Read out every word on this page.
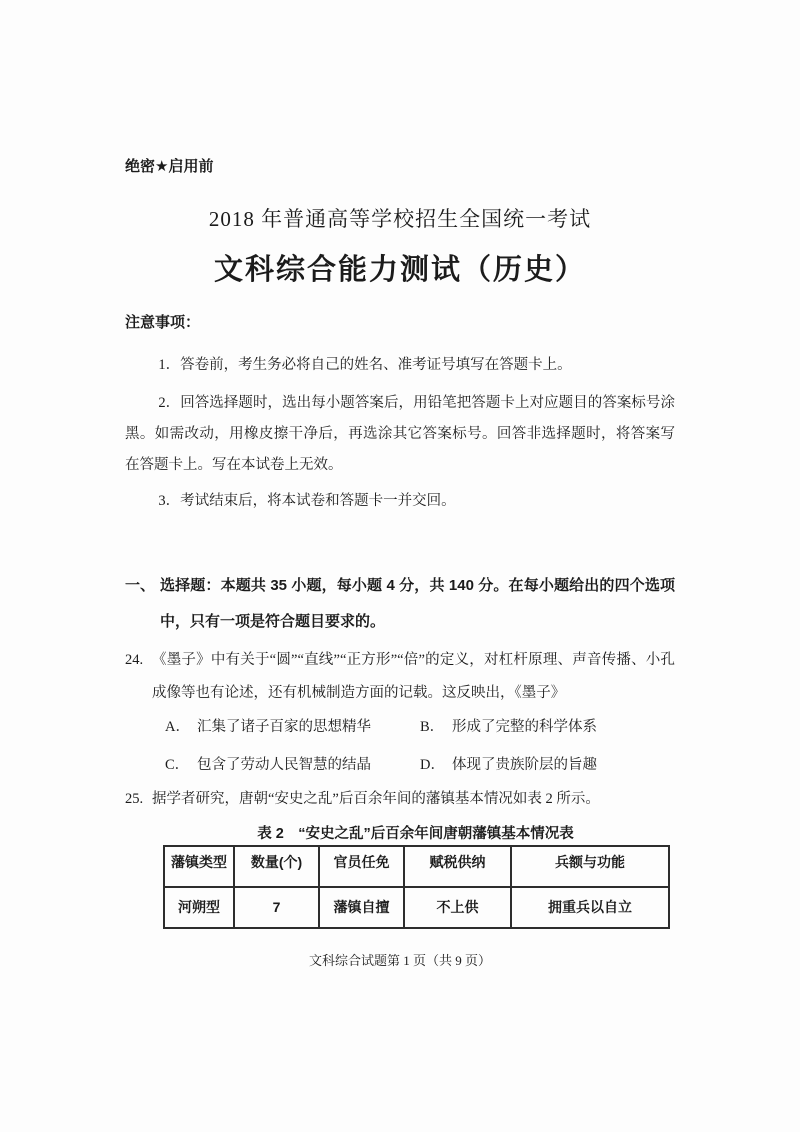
绝密★启用前
2018 年普通高等学校招生全国统一考试
文科综合能力测试（历史）
注意事项：
1．答卷前，考生务必将自己的姓名、准考证号填写在答题卡上。
2．回答选择题时，选出每小题答案后，用铅笔把答题卡上对应题目的答案标号涂黑。如需改动，用橡皮擦干净后，再选涂其它答案标号。回答非选择题时，将答案写在答题卡上。写在本试卷上无效。
3．考试结束后，将本试卷和答题卡一并交回。
一、 选择题：本题共 35 小题，每小题 4 分，共 140 分。在每小题给出的四个选项中，只有一项是符合题目要求的。
24. 《墨子》中有关于“圆”“直线”“正方形”“倍”的定义，对杠杆原理、声音传播、小孔成像等也有论述，还有机械制造方面的记载。这反映出，《墨子》
A． 汇集了诸子百家的思想精华	B． 形成了完整的科学体系
C． 包含了劳动人民智慧的结晶	D． 体现了贵族阶层的旨趣
25. 据学者研究，唐朝“安史之乱”后百余年间的藩镇基本情况如表 2 所示。
表 2　“安史之乱”后百余年间唐朝藩镇基本情况表
藩镇类型	数量(个)	官员任免	赋税供纳	兵额与功能
河朔型	7	藩镇自擅	不上供	拥重兵以自立
文科综合试题第 1 页（共 9 页）
